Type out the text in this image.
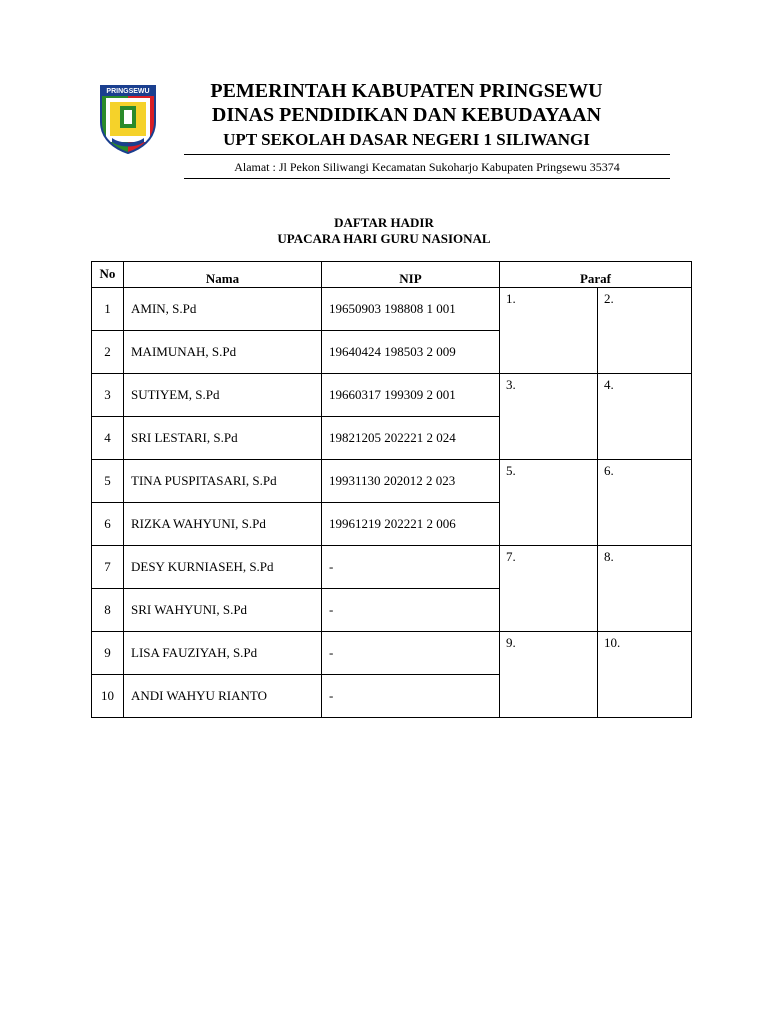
PRINGSEWU	PEMERINTAH KABUPATEN PRINGSEWU
DINAS PENDIDIKAN DAN KEBUDAYAAN
UPT SEKOLAH DASAR NEGERI 1 SILIWANGI
Alamat : Jl Pekon Siliwangi Kecamatan Sukoharjo Kabupaten Pringsewu 35374
DAFTAR HADIR
UPACARA HARI GURU NASIONAL
No	Nama	NIP	Paraf	
1	AMIN, S.Pd	19650903 198808 1 001	1.	2.
2	MAIMUNAH, S.Pd	19640424 198503 2 009		
3	SUTIYEM, S.Pd	19660317 199309 2 001	3.	4.
4	SRI LESTARI, S.Pd	19821205 202221 2 024		
5	TINA PUSPITASARI, S.Pd	19931130 202012 2 023	5.	6.
6	RIZKA WAHYUNI, S.Pd	19961219 202221 2 006		
7	DESY KURNIASEH, S.Pd	-	7.	8.
8	SRI WAHYUNI, S.Pd	-		
9	LISA FAUZIYAH, S.Pd	-	9.	10.
10	ANDI WAHYU RIANTO	-		
